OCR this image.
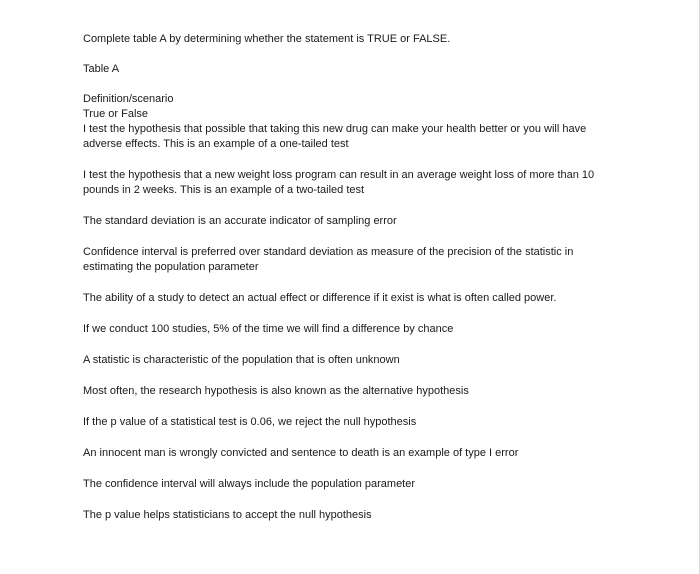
Complete table A by determining whether the statement is TRUE or FALSE.

Table A

Definition/scenario

True or False

I test the hypothesis that possible that taking this new drug can make your health better or you will have adverse effects. This is an example of a one-tailed test

I test the hypothesis that a new weight loss program can result in an average weight loss of more than 10 pounds in 2 weeks. This is an example of a two-tailed test

The standard deviation is an accurate indicator of sampling error

Confidence interval is preferred over standard deviation as measure of the precision of the statistic in estimating the population parameter

The ability of a study to detect an actual effect or difference if it exist is what is often called power.

If we conduct 100 studies, 5% of the time we will find a difference by chance

A statistic is characteristic of the population that is often unknown

Most often, the research hypothesis is also known as the alternative hypothesis

If the p value of a statistical test is 0.06, we reject the null hypothesis

An innocent man is wrongly convicted and sentence to death is an example of type I error

The confidence interval will always include the population parameter

The p value helps statisticians to accept the null hypothesis
